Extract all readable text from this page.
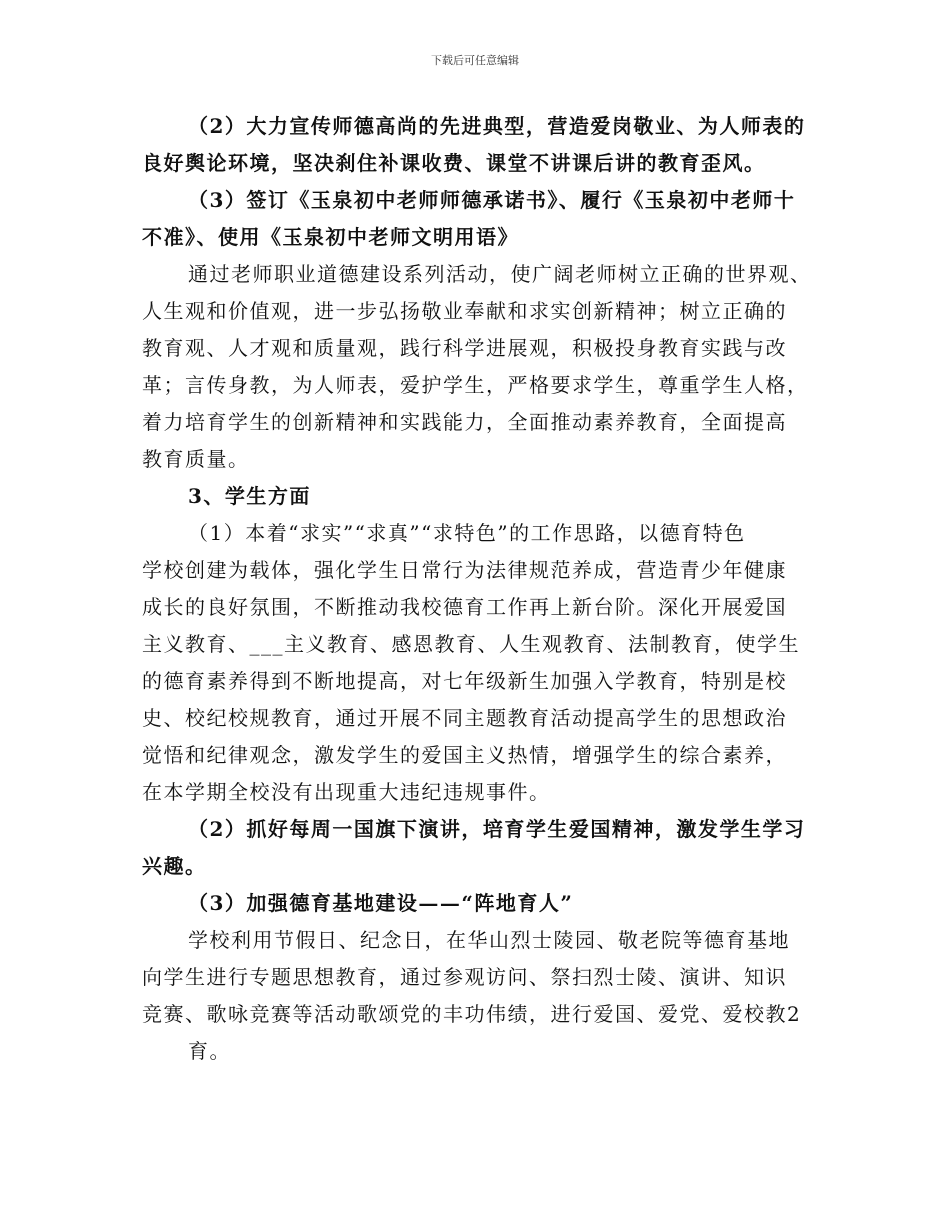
下载后可任意编辑
（2）大力宣传师德高尚的先进典型，营造爱岗敬业、为人师表的
良好舆论环境，坚决刹住补课收费、课堂不讲课后讲的教育歪风。
（3）签订《玉泉初中老师师德承诺书》、履行《玉泉初中老师十
不准》、使用《玉泉初中老师文明用语》
通过老师职业道德建设系列活动，使广阔老师树立正确的世界观、
人生观和价值观，进一步弘扬敬业奉献和求实创新精神；树立正确的
教育观、人才观和质量观，践行科学进展观，积极投身教育实践与改
革；言传身教，为人师表，爱护学生，严格要求学生，尊重学生人格，
着力培育学生的创新精神和实践能力，全面推动素养教育，全面提高
教育质量。
3、学生方面
（1）本着“求实”“求真”“求特色”的工作思路，以德育特色
学校创建为载体，强化学生日常行为法律规范养成，营造青少年健康
成长的良好氛围，不断推动我校德育工作再上新台阶。深化开展爱国
主义教育、___主义教育、感恩教育、人生观教育、法制教育，使学生
的德育素养得到不断地提高，对七年级新生加强入学教育，特别是校
史、校纪校规教育，通过开展不同主题教育活动提高学生的思想政治
觉悟和纪律观念，激发学生的爱国主义热情，增强学生的综合素养，
在本学期全校没有出现重大违纪违规事件。
（2）抓好每周一国旗下演讲，培育学生爱国精神，激发学生学习
兴趣。
（3）加强德育基地建设——“阵地育人”
学校利用节假日、纪念日，在华山烈士陵园、敬老院等德育基地
向学生进行专题思想教育，通过参观访问、祭扫烈士陵、演讲、知识
竞赛、歌咏竞赛等活动歌颂党的丰功伟绩，进行爱国、爱党、爱校教2
育。
